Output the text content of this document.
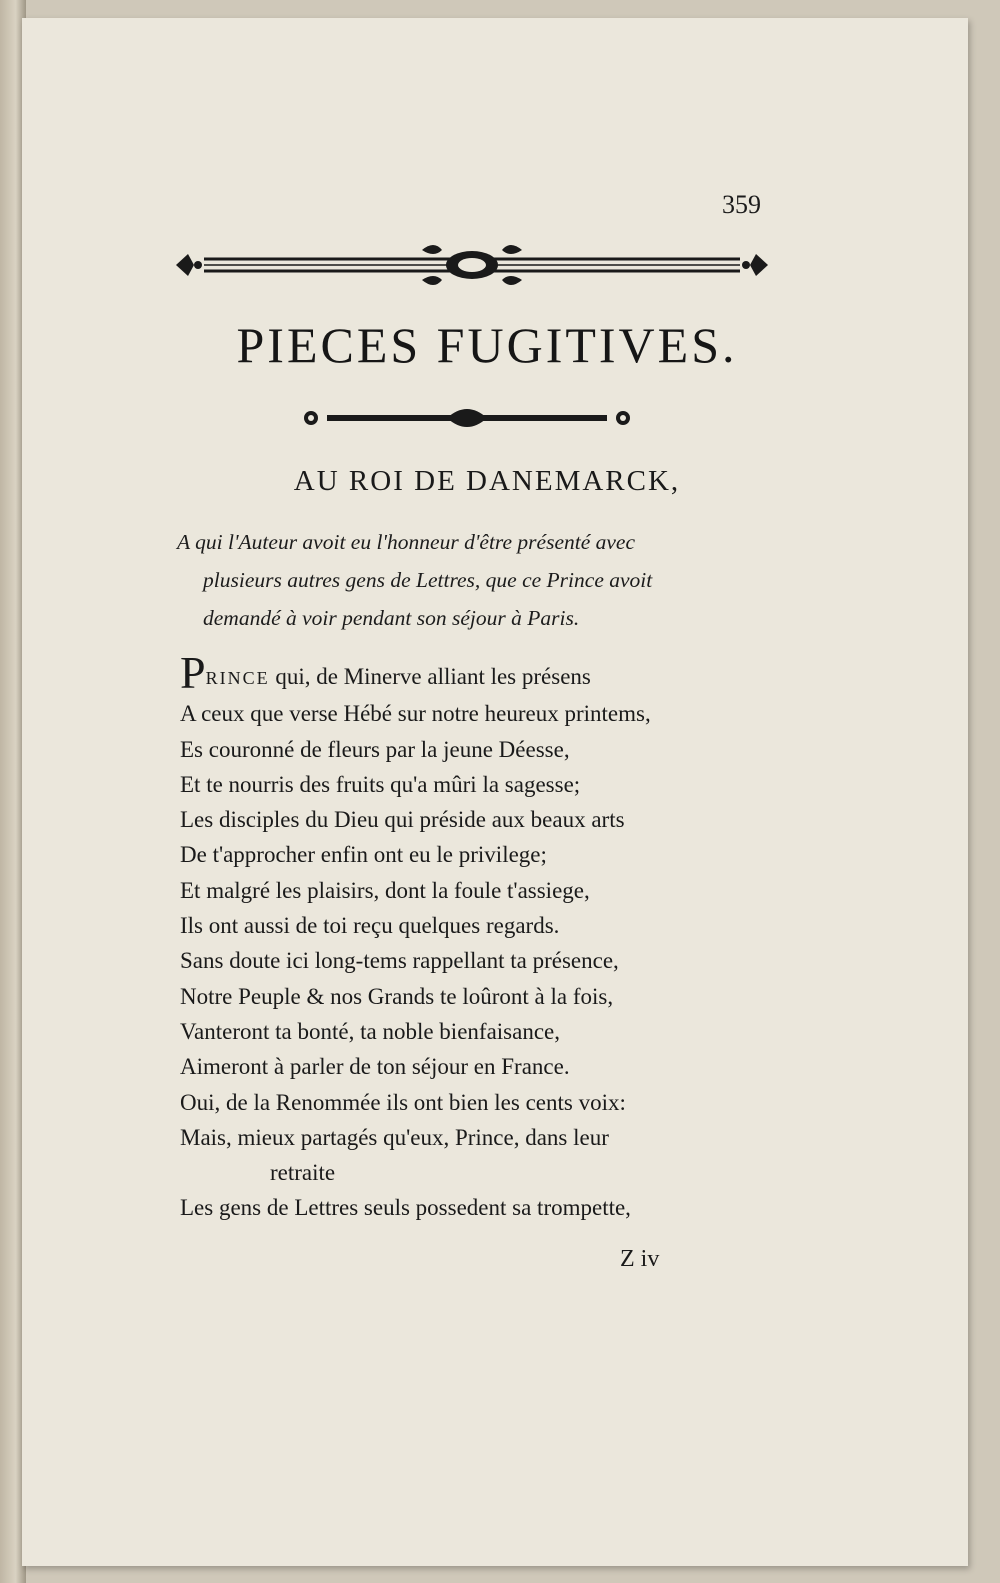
359
PIECES FUGITIVES.
AU ROI DE DANEMARCK,
A qui l'Auteur avoit eu l'honneur d'être présenté avec
plusieurs autres gens de Lettres, que ce Prince avoit
demandé à voir pendant son séjour à Paris.
PRINCE qui, de Minerve alliant les présens
A ceux que verse Hébé sur notre heureux printems,
Es couronné de fleurs par la jeune Déesse,
Et te nourris des fruits qu'a mûri la sagesse;
Les disciples du Dieu qui préside aux beaux arts
De t'approcher enfin ont eu le privilege;
Et malgré les plaisirs, dont la foule t'assiege,
Ils ont aussi de toi reçu quelques regards.
Sans doute ici long-tems rappellant ta présence,
Notre Peuple & nos Grands te loûront à la fois,
Vanteront ta bonté, ta noble bienfaisance,
Aimeront à parler de ton séjour en France.
Oui, de la Renommée ils ont bien les cents voix:
Mais, mieux partagés qu'eux, Prince, dans leur
retraite
Les gens de Lettres seuls possedent sa trompette,
Z iv
